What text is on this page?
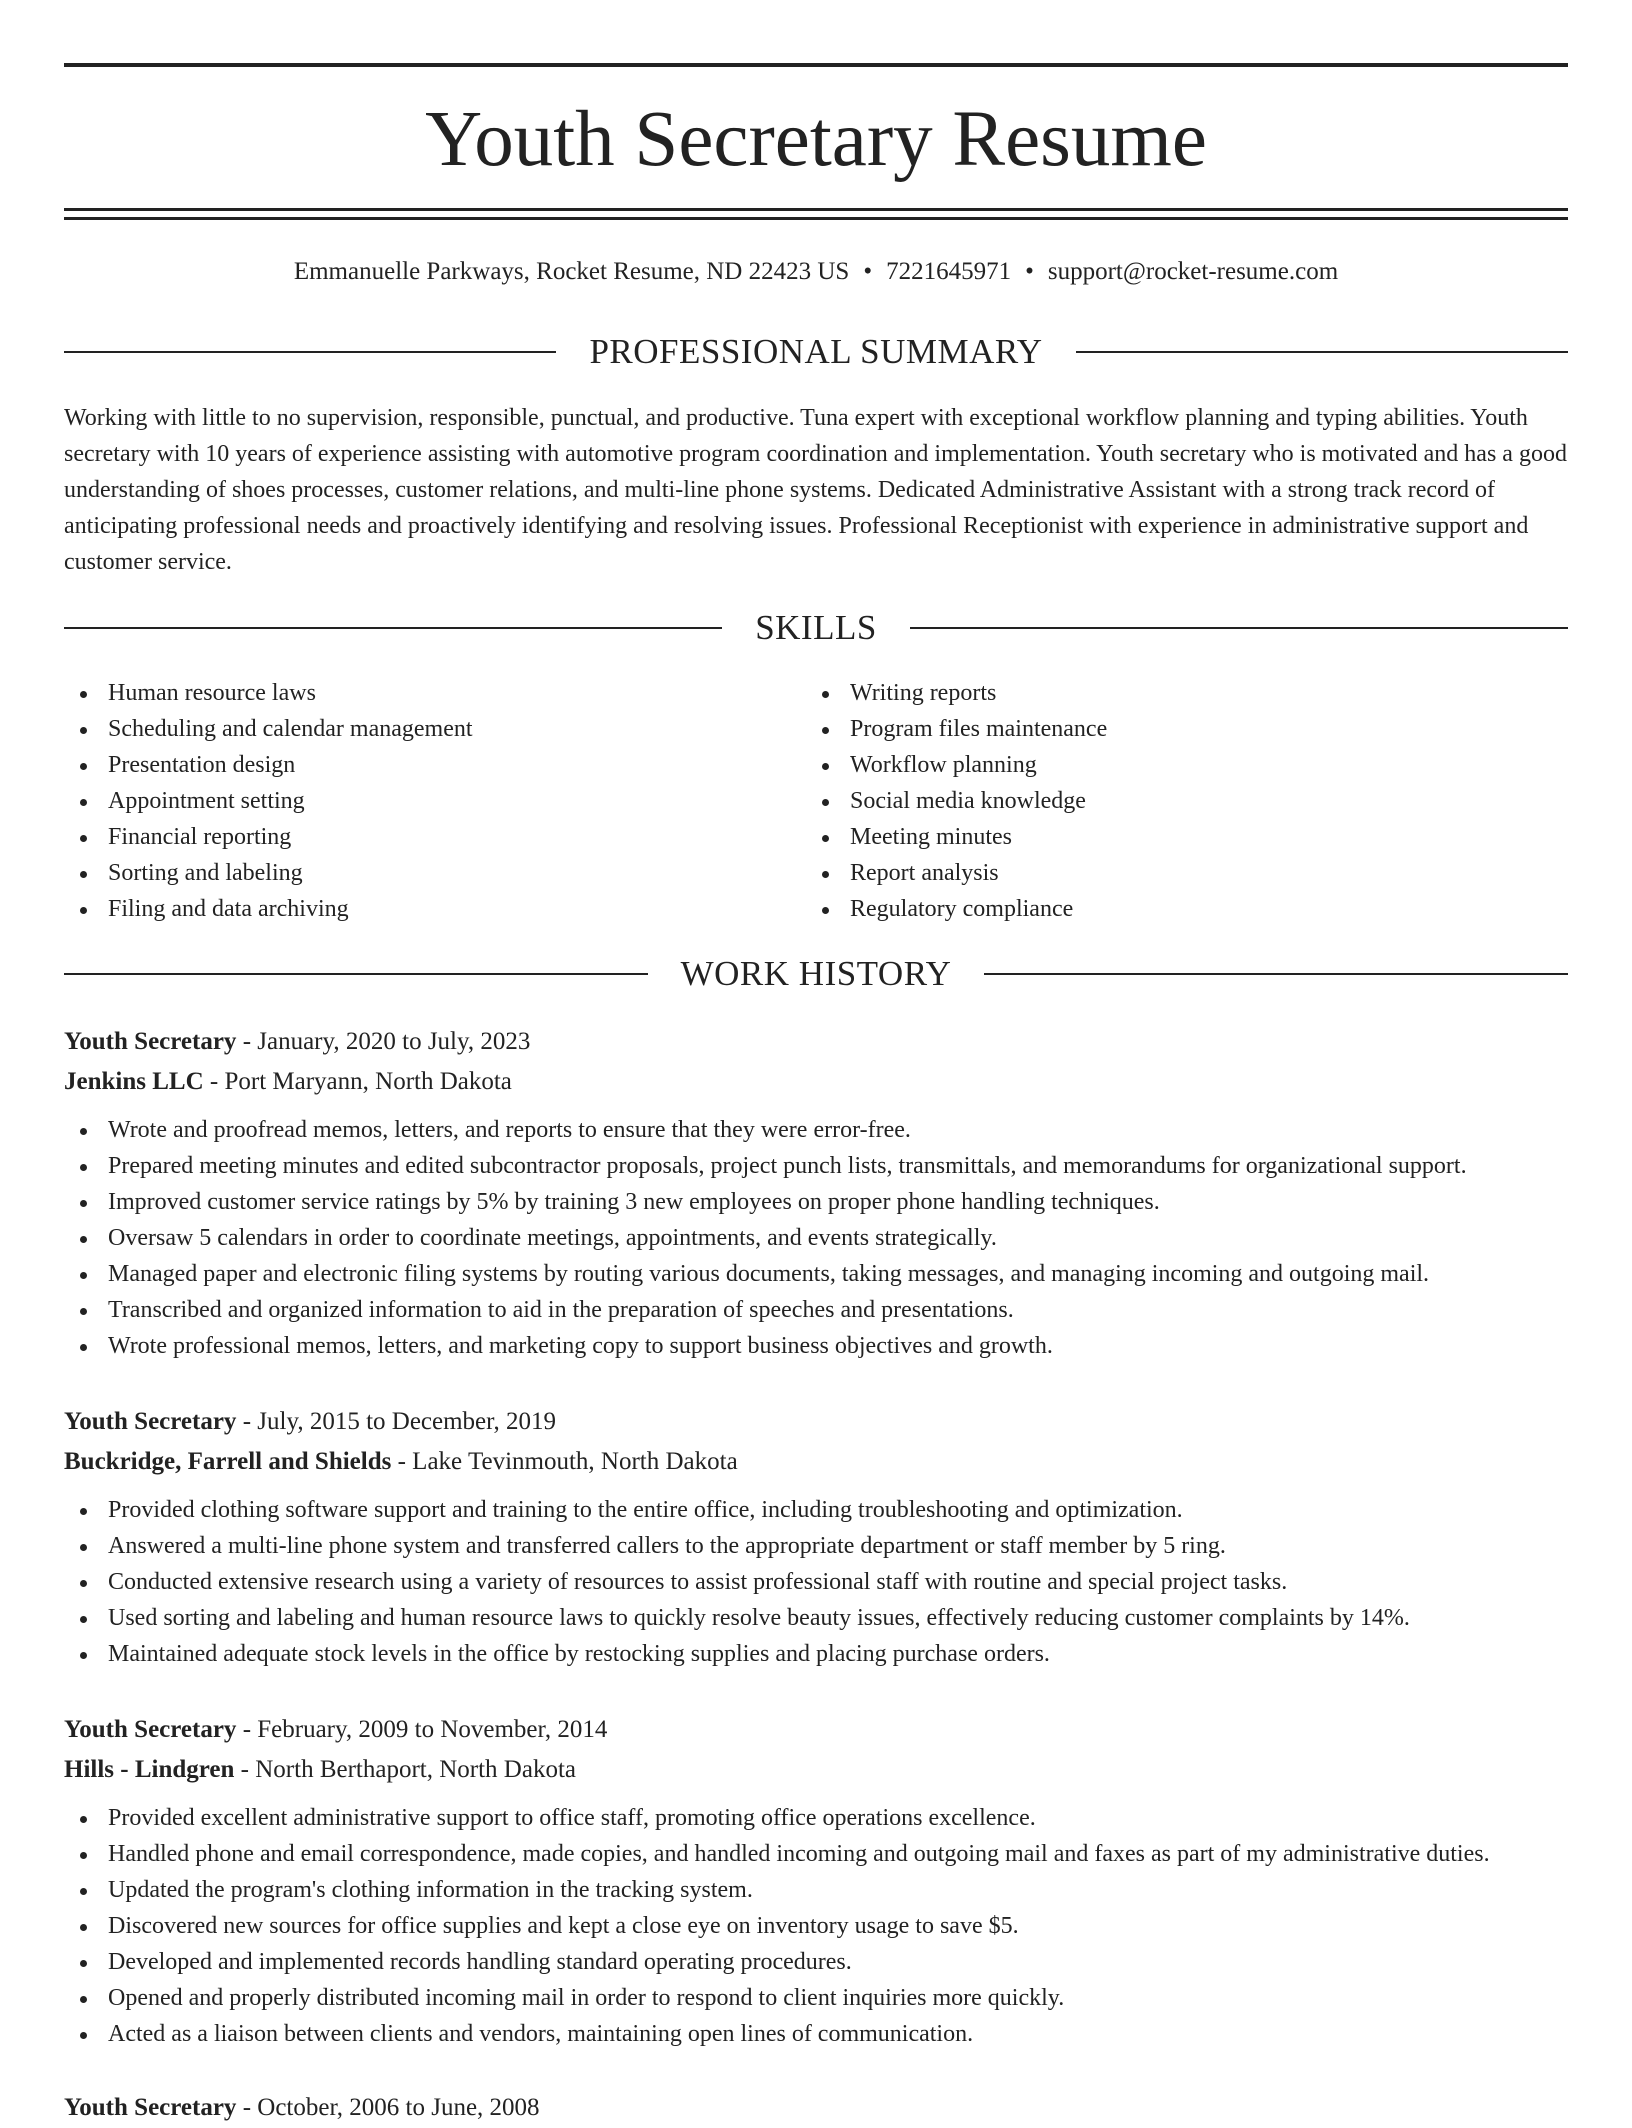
Youth Secretary Resume
Emmanuelle Parkways, Rocket Resume, ND 22423 US • 7221645971 • support@rocket-resume.com
PROFESSIONAL SUMMARY

Working with little to no supervision, responsible, punctual, and productive. Tuna expert with exceptional workflow planning and typing abilities. Youth secretary with 10 years of experience assisting with automotive program coordination and implementation. Youth secretary who is motivated and has a good understanding of shoes processes, customer relations, and multi-line phone systems. Dedicated Administrative Assistant with a strong track record of anticipating professional needs and proactively identifying and resolving issues. Professional Receptionist with experience in administrative support and customer service.

SKILLS
Human resource laws
Scheduling and calendar management
Presentation design
Appointment setting
Financial reporting
Sorting and labeling
Filing and data archiving
Writing reports
Program files maintenance
Workflow planning
Social media knowledge
Meeting minutes
Report analysis
Regulatory compliance
WORK HISTORY
Youth Secretary - January, 2020 to July, 2023
Jenkins LLC - Port Maryann, North Dakota
Wrote and proofread memos, letters, and reports to ensure that they were error-free.
Prepared meeting minutes and edited subcontractor proposals, project punch lists, transmittals, and memorandums for organizational support.
Improved customer service ratings by 5% by training 3 new employees on proper phone handling techniques.
Oversaw 5 calendars in order to coordinate meetings, appointments, and events strategically.
Managed paper and electronic filing systems by routing various documents, taking messages, and managing incoming and outgoing mail.
Transcribed and organized information to aid in the preparation of speeches and presentations.
Wrote professional memos, letters, and marketing copy to support business objectives and growth.
Youth Secretary - July, 2015 to December, 2019
Buckridge, Farrell and Shields - Lake Tevinmouth, North Dakota
Provided clothing software support and training to the entire office, including troubleshooting and optimization.
Answered a multi-line phone system and transferred callers to the appropriate department or staff member by 5 ring.
Conducted extensive research using a variety of resources to assist professional staff with routine and special project tasks.
Used sorting and labeling and human resource laws to quickly resolve beauty issues, effectively reducing customer complaints by 14%.
Maintained adequate stock levels in the office by restocking supplies and placing purchase orders.
Youth Secretary - February, 2009 to November, 2014
Hills - Lindgren - North Berthaport, North Dakota
Provided excellent administrative support to office staff, promoting office operations excellence.
Handled phone and email correspondence, made copies, and handled incoming and outgoing mail and faxes as part of my administrative duties.
Updated the program's clothing information in the tracking system.
Discovered new sources for office supplies and kept a close eye on inventory usage to save $5.
Developed and implemented records handling standard operating procedures.
Opened and properly distributed incoming mail in order to respond to client inquiries more quickly.
Acted as a liaison between clients and vendors, maintaining open lines of communication.
Youth Secretary - October, 2006 to June, 2008
